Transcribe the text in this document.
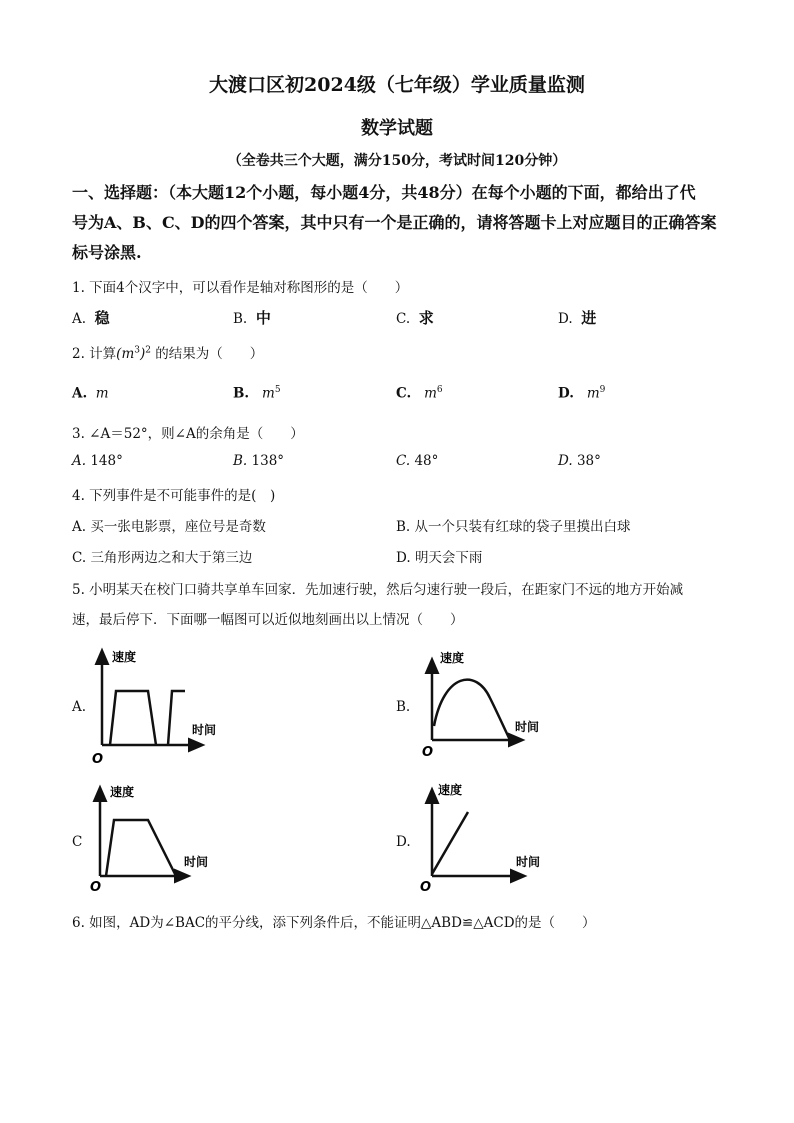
大渡口区初2024级（七年级）学业质量监测
数学试题
（全卷共三个大题，满分150分，考试时间120分钟）
一、选择题：（本大题12个小题，每小题4分，共48分）在每个小题的下面，都给出了代
号为A、B、C、D的四个答案，其中只有一个是正确的，请将答题卡上对应题目的正确答案
标号涂黑.
1. 下面4个汉字中，可以看作是轴对称图形的是（　　）
A. 稳	B. 中	C. 求	D. 进
2. 计算$(m^3)^2$ 的结果为（　　）
A. m	B. $m^5$	C. $m^6$	D. $m^9$
3. ∠A＝52°，则∠A的余角是（　　）
A. 148°	B. 138°	C. 48°	D. 38°
4. 下列事件是不可能事件的是(　)
A. 买一张电影票，座位号是奇数	B. 从一个只装有红球的袋子里摸出白球
C. 三角形两边之和大于第三边	D. 明天会下雨
5. 小明某天在校门口骑共享单车回家．先加速行驶，然后匀速行驶一段后，在距家门不远的地方开始减
速，最后停下．下面哪一幅图可以近似地刻画出以上情况（　　）
A.
速度
时间
O
B.
速度
时间
O
C
速度
时间
O
D.
速度
时间
O
6. 如图，AD为∠BAC的平分线，添下列条件后，不能证明△ABD≌△ACD的是（　　）
